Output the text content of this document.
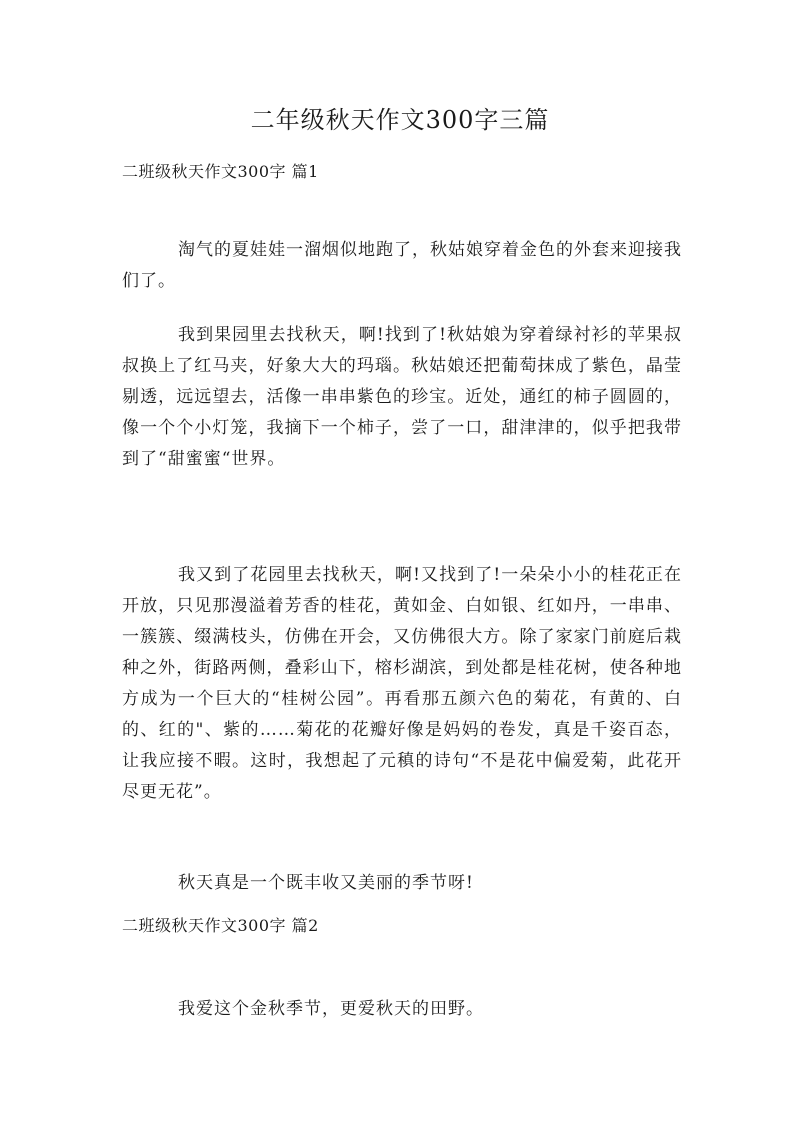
二年级秋天作文300字三篇
二班级秋天作文300字 篇1

淘气的夏娃娃一溜烟似地跑了，秋姑娘穿着金色的外套来迎接我们了。

我到果园里去找秋天，啊!找到了!秋姑娘为穿着绿衬衫的苹果叔叔换上了红马夹，好象大大的玛瑙。秋姑娘还把葡萄抹成了紫色，晶莹剔透，远远望去，活像一串串紫色的珍宝。近处，通红的柿子圆圆的，像一个个小灯笼，我摘下一个柿子，尝了一口，甜津津的，似乎把我带到了“甜蜜蜜“世界。

我又到了花园里去找秋天，啊!又找到了!一朵朵小小的桂花正在开放，只见那漫溢着芳香的桂花，黄如金、白如银、红如丹，一串串、一簇簇、缀满枝头，仿佛在开会，又仿佛很大方。除了家家门前庭后栽种之外，街路两侧，叠彩山下，榕杉湖滨，到处都是桂花树，使各种地方成为一个巨大的“桂树公园”。再看那五颜六色的菊花，有黄的、白的、红的"、紫的……菊花的花瓣好像是妈妈的卷发，真是千姿百态，让我应接不暇。这时，我想起了元稹的诗句“不是花中偏爱菊，此花开尽更无花”。

秋天真是一个既丰收又美丽的季节呀!

二班级秋天作文300字 篇2

我爱这个金秋季节，更爱秋天的田野。
